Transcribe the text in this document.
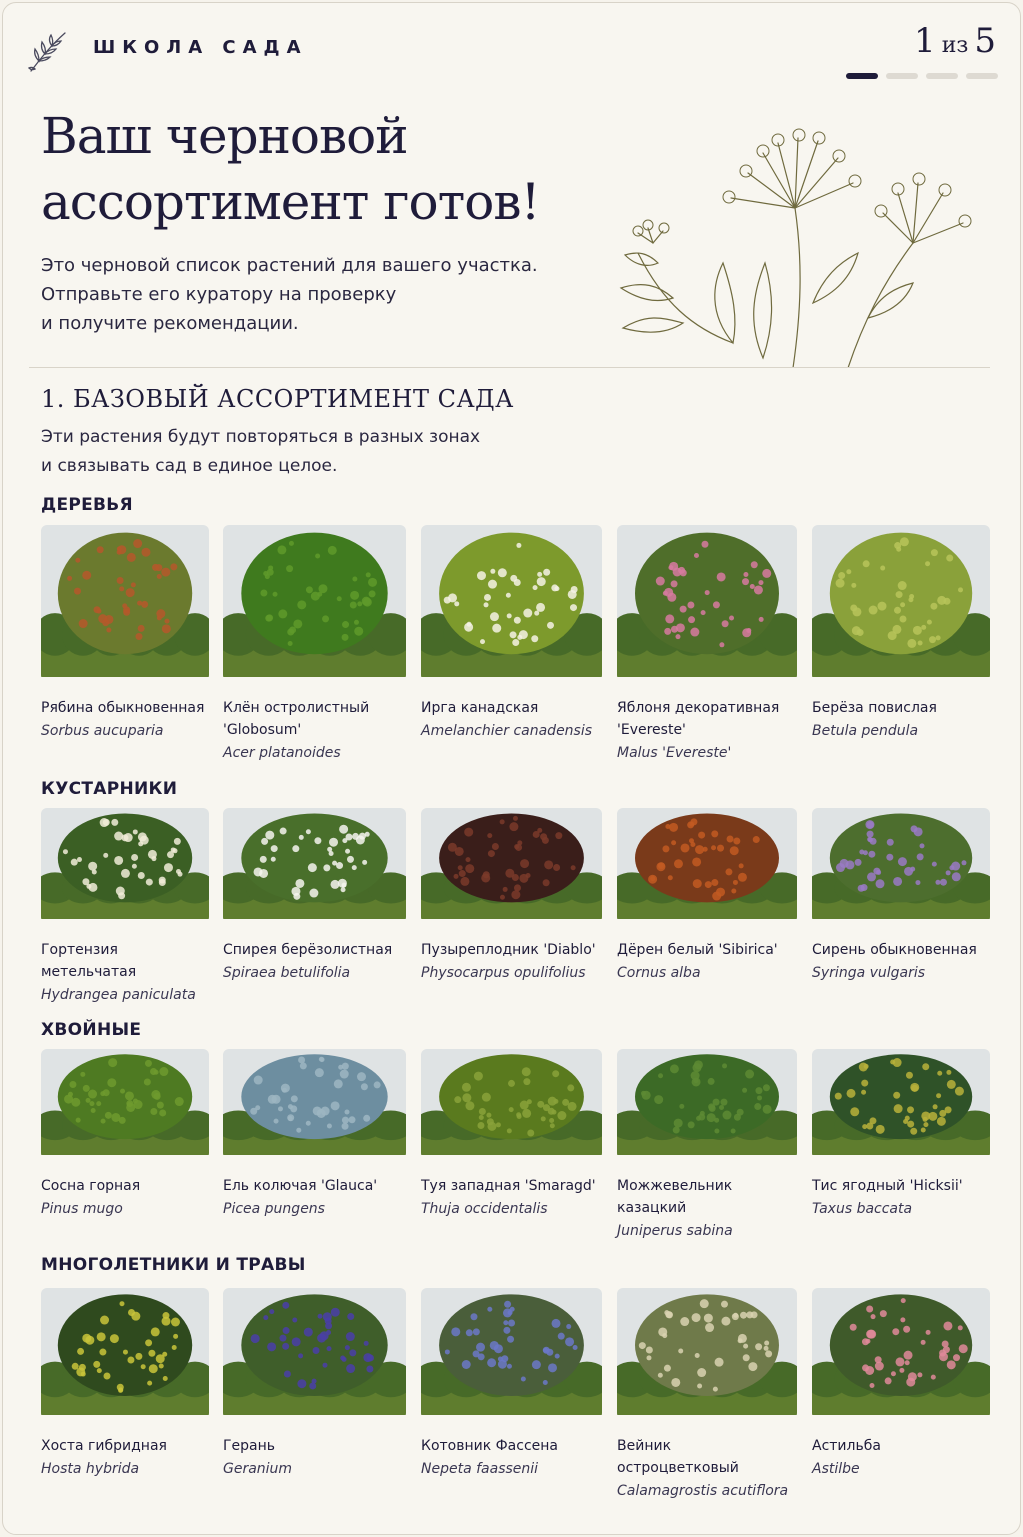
ШКОЛА САДА	1 из 5
Ваш черновой ассортимент готов!
Это черновой список растений для вашего участка.
Отправьте его куратору на проверку
и получите рекомендации.
1. БАЗОВЫЙ АССОРТИМЕНТ САДА
Эти растения будут повторяться в разных зонах
и связывать сад в единое целое.
ДЕРЕВЬЯ
Рябина обыкновенная
Sorbus aucuparia
Клён остролистный 'Globosum'
Acer platanoides
Ирга канадская
Amelanchier canadensis
Яблоня декоративная 'Evereste'
Malus 'Evereste'
Берёза повислая
Betula pendula
КУСТАРНИКИ
Гортензия метельчатая
Hydrangea paniculata
Спирея берёзолистная
Spiraea betulifolia
Пузыреплодник 'Diablo'
Physocarpus opulifolius
Дёрен белый 'Sibirica'
Cornus alba
Сирень обыкновенная
Syringa vulgaris
ХВОЙНЫЕ
Сосна горная
Pinus mugo
Ель колючая 'Glauca'
Picea pungens
Туя западная 'Smaragd'
Thuja occidentalis
Можжевельник казацкий
Juniperus sabina
Тис ягодный 'Hicksii'
Taxus baccata
МНОГОЛЕТНИКИ И ТРАВЫ
Хоста гибридная
Hosta hybrida
Герань
Geranium
Котовник Фассена
Nepeta faassenii
Вейник остроцветковый
Calamagrostis acutiflora
Астильба
Astilbe
